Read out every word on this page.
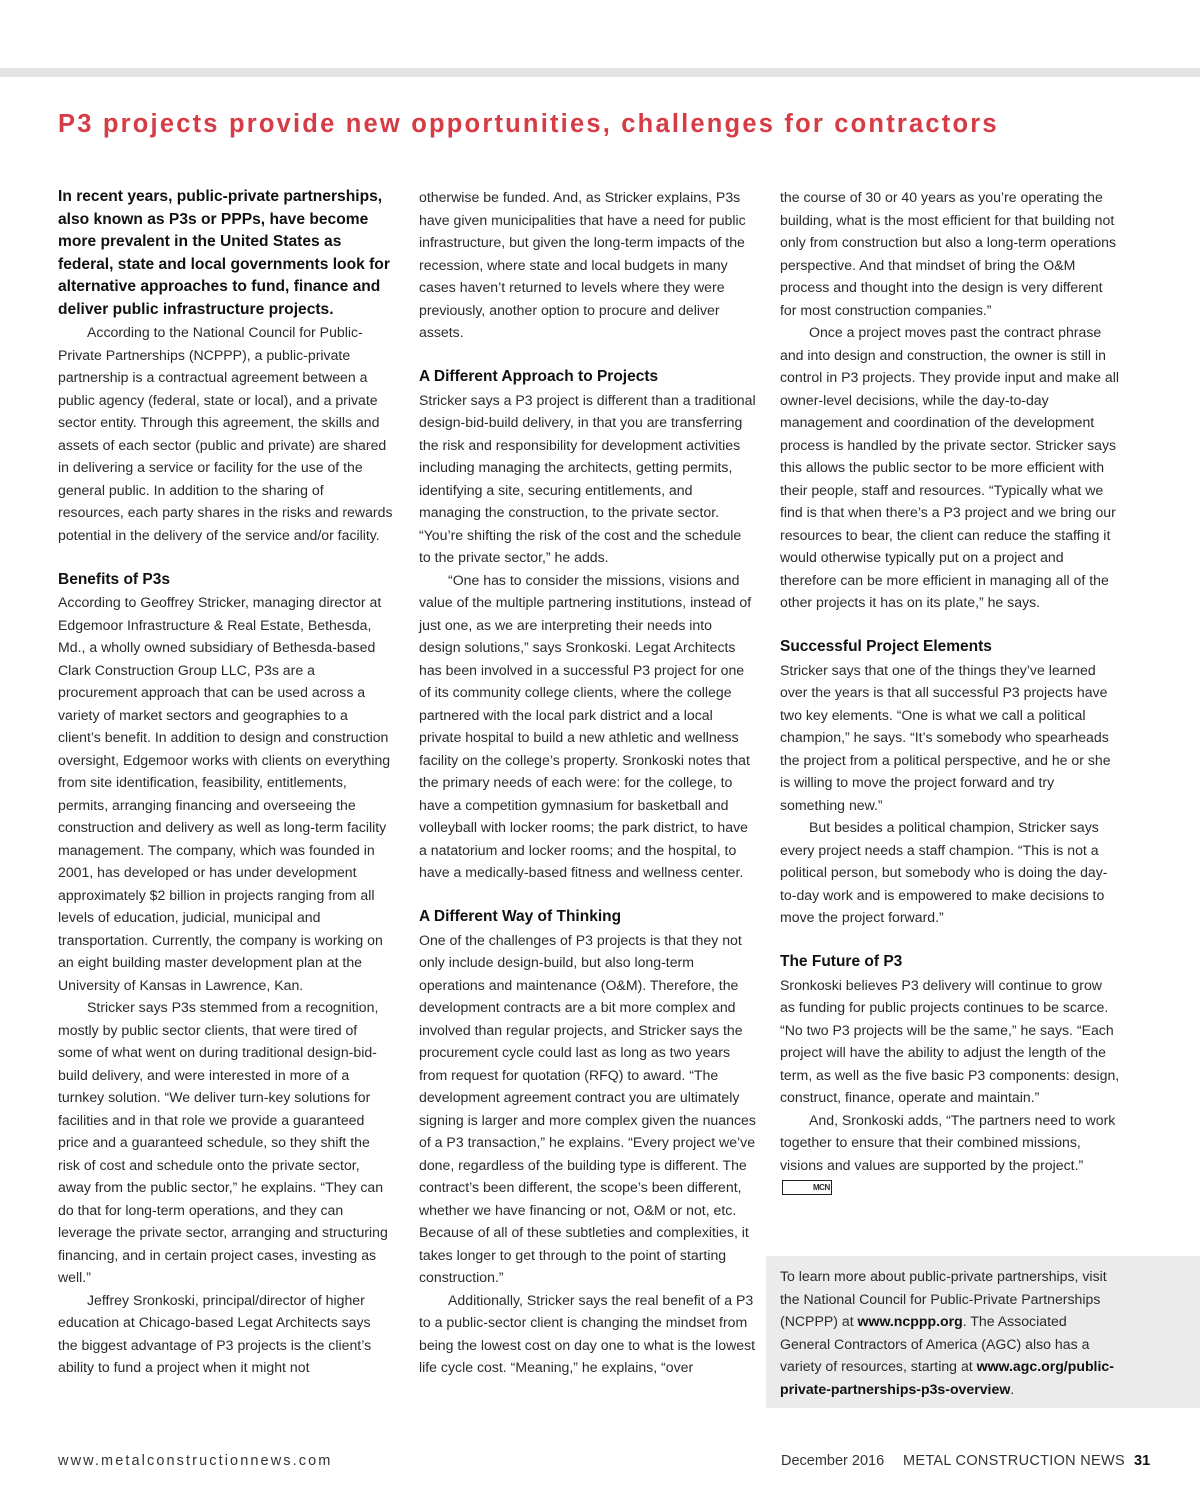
P3 projects provide new opportunities, challenges for contractors

In recent years, public-private partnerships, also known as P3s or PPPs, have become more prevalent in the United States as federal, state and local governments look for alternative approaches to fund, finance and deliver public infrastructure projects.

According to the National Council for Public-Private Partnerships (NCPPP), a public-private partnership is a contractual agreement between a public agency (federal, state or local), and a private sector entity. Through this agreement, the skills and assets of each sector (public and private) are shared in delivering a service or facility for the use of the general public. In addition to the sharing of resources, each party shares in the risks and rewards potential in the delivery of the service and/or facility.

Benefits of P3s

According to Geoffrey Stricker, managing director at Edgemoor Infrastructure & Real Estate, Bethesda, Md., a wholly owned subsidiary of Bethesda-based Clark Construction Group LLC, P3s are a procurement approach that can be used across a variety of market sectors and geographies to a client’s benefit. In addition to design and construction oversight, Edgemoor works with clients on everything from site identification, feasibility, entitlements, permits, arranging financing and overseeing the construction and delivery as well as long-term facility management. The company, which was founded in 2001, has developed or has under development approximately $2 billion in projects ranging from all levels of education, judicial, municipal and transportation. Currently, the company is working on an eight building master development plan at the University of Kansas in Lawrence, Kan.

Stricker says P3s stemmed from a recognition, mostly by public sector clients, that were tired of some of what went on during traditional design-bid-build delivery, and were interested in more of a turnkey solution. “We deliver turn-key solutions for facilities and in that role we provide a guaranteed price and a guaranteed schedule, so they shift the risk of cost and schedule onto the private sector, away from the public sector,” he explains. “They can do that for long-term operations, and they can leverage the private sector, arranging and structuring financing, and in certain project cases, investing as well.”

Jeffrey Sronkoski, principal/director of higher education at Chicago-based Legat Architects says the biggest advantage of P3 projects is the client’s ability to fund a project when it might not

otherwise be funded. And, as Stricker explains, P3s have given municipalities that have a need for public infrastructure, but given the long-term impacts of the recession, where state and local budgets in many cases haven’t returned to levels where they were previously, another option to procure and deliver assets.

A Different Approach to Projects

Stricker says a P3 project is different than a traditional design-bid-build delivery, in that you are transferring the risk and responsibility for development activities including managing the architects, getting permits, identifying a site, securing entitlements, and managing the construction, to the private sector. “You’re shifting the risk of the cost and the schedule to the private sector,” he adds.

“One has to consider the missions, visions and value of the multiple partnering institutions, instead of just one, as we are interpreting their needs into design solutions,” says Sronkoski. Legat Architects has been involved in a successful P3 project for one of its community college clients, where the college partnered with the local park district and a local private hospital to build a new athletic and wellness facility on the college’s property. Sronkoski notes that the primary needs of each were: for the college, to have a competition gymnasium for basketball and volleyball with locker rooms; the park district, to have a natatorium and locker rooms; and the hospital, to have a medically-based fitness and wellness center.

A Different Way of Thinking

One of the challenges of P3 projects is that they not only include design-build, but also long-term operations and maintenance (O&M). Therefore, the development contracts are a bit more complex and involved than regular projects, and Stricker says the procurement cycle could last as long as two years from request for quotation (RFQ) to award. “The development agreement contract you are ultimately signing is larger and more complex given the nuances of a P3 transaction,” he explains. “Every project we’ve done, regardless of the building type is different. The contract’s been different, the scope’s been different, whether we have financing or not, O&M or not, etc. Because of all of these subtleties and complexities, it takes longer to get through to the point of starting construction.”

Additionally, Stricker says the real benefit of a P3 to a public-sector client is changing the mindset from being the lowest cost on day one to what is the lowest life cycle cost. “Meaning,” he explains, “over

the course of 30 or 40 years as you’re operating the building, what is the most efficient for that building not only from construction but also a long-term operations perspective. And that mindset of bring the O&M process and thought into the design is very different for most construction companies.”

Once a project moves past the contract phrase and into design and construction, the owner is still in control in P3 projects. They provide input and make all owner-level decisions, while the day-to-day management and coordination of the development process is handled by the private sector. Stricker says this allows the public sector to be more efficient with their people, staff and resources. “Typically what we find is that when there’s a P3 project and we bring our resources to bear, the client can reduce the staffing it would otherwise typically put on a project and therefore can be more efficient in managing all of the other projects it has on its plate,” he says.

Successful Project Elements

Stricker says that one of the things they’ve learned over the years is that all successful P3 projects have two key elements. “One is what we call a political champion,” he says. “It’s somebody who spearheads the project from a political perspective, and he or she is willing to move the project forward and try something new.”

But besides a political champion, Stricker says every project needs a staff champion. “This is not a political person, but somebody who is doing the day-to-day work and is empowered to make decisions to move the project forward.”

The Future of P3

Sronkoski believes P3 delivery will continue to grow as funding for public projects continues to be scarce. “No two P3 projects will be the same,” he says. “Each project will have the ability to adjust the length of the term, as well as the five basic P3 components: design, construct, finance, operate and maintain.”

And, Sronkoski adds, “The partners need to work together to ensure that their combined missions, visions and values are supported by the project.”MCN

To learn more about public-private partnerships, visit the National Council for Public-Private Partnerships (NCPPP) at www.ncppp.org. The Associated General Contractors of America (AGC) also has a variety of resources, starting at www.agc.org/public-private-partnerships-p3s-overview.
www.metalconstructionnews.com	December 2016 METAL CONSTRUCTION NEWS 31
